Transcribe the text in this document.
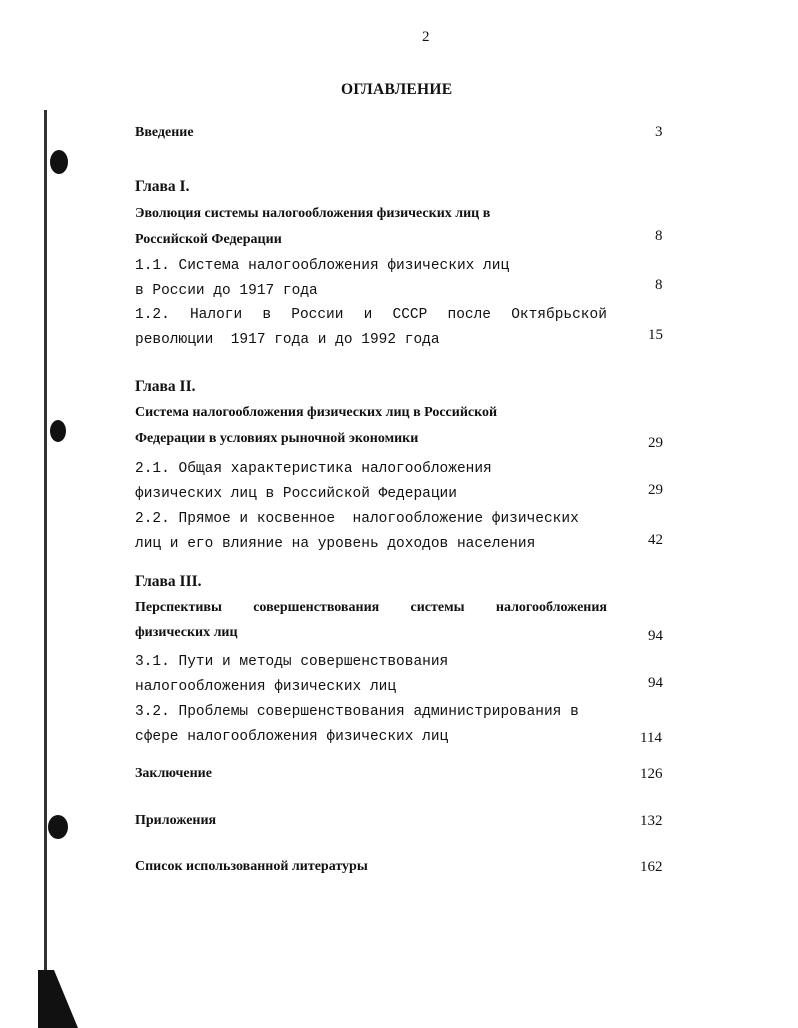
2
ОГЛАВЛЕНИЕ
Введение	3
Глава I.
Эволюция системы налогообложения физических лиц в
Российской Федерации	8
1.1. Система налогообложения физических лиц
в России до 1917 года	8
1.2. Налоги в России и СССР после Октябрьской
революции  1917 года и до 1992 года	15
Глава II.
Система налогообложения физических лиц в Российской
Федерации в условиях рыночной экономики	29
2.1. Общая характеристика налогообложения
физических лиц в Российской Федерации	29
2.2. Прямое и косвенное  налогообложение физических
лиц и его влияние на уровень доходов населения	42
Глава III.
Перспективы совершенствования системы налогообложения
физических лиц	94
3.1. Пути и методы совершенствования
налогообложения физических лиц	94
3.2. Проблемы совершенствования администрирования в
сфере налогообложения физических лиц	114
Заключение	126
Приложения	132
Список использованной литературы	162
